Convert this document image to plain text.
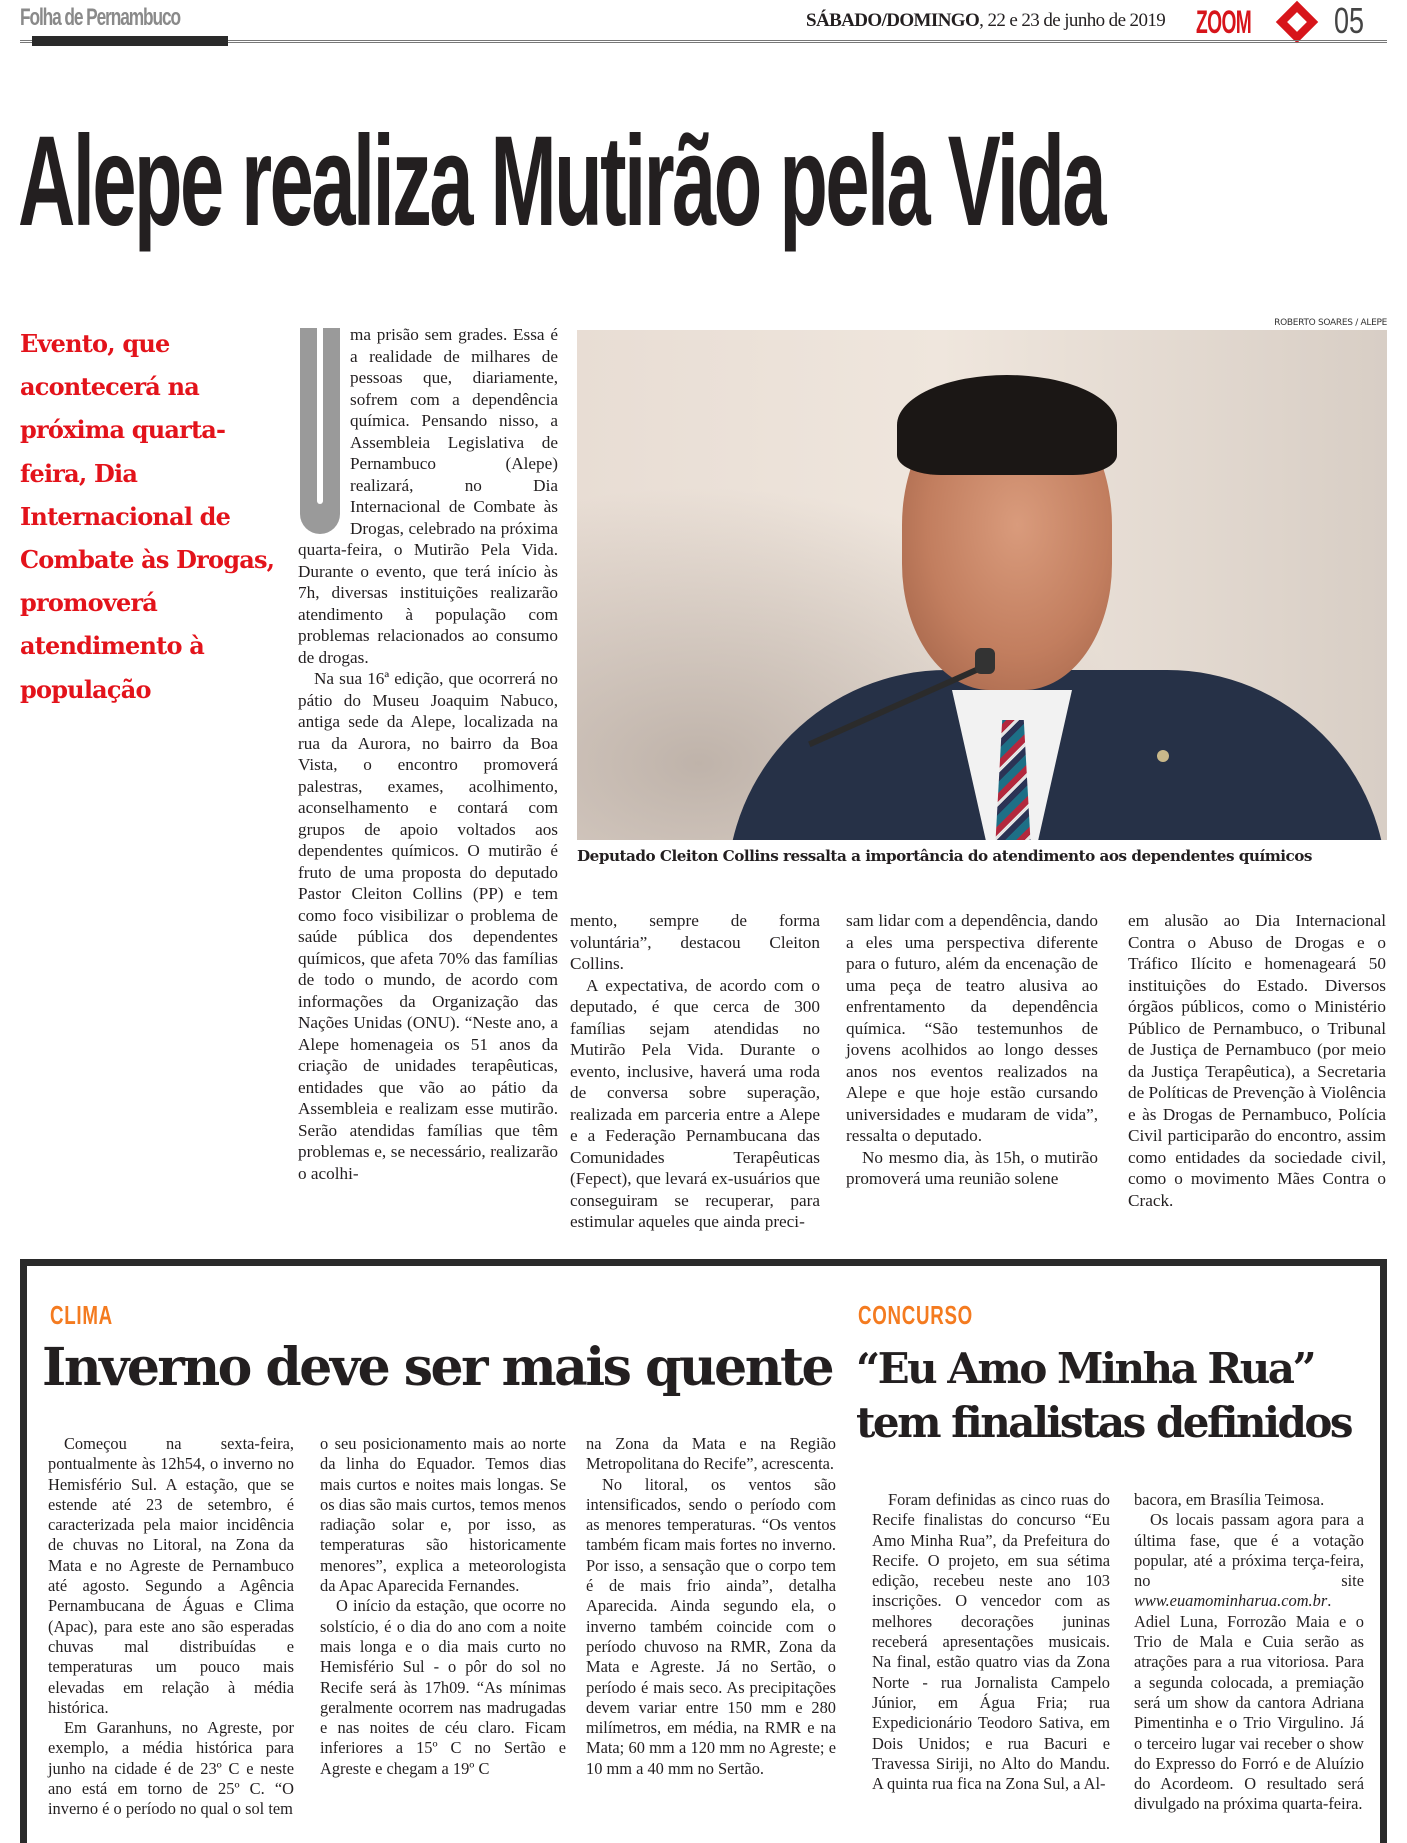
Folha de Pernambuco	SÁBADO/DOMINGO, 22 e 23 de junho de 2019 ZOOM 05
Alepe realiza Mutirão pela Vida
Evento, que acontecerá na próxima quarta-feira, Dia Internacional de Combate às Drogas, promoverá atendimento à população

ma prisão sem grades. Essa é a realidade de milhares de pessoas que, diariamente, sofrem com a dependência química. Pensando nisso, a Assembleia Legislativa de Pernambuco (Alepe) realizará, no Dia Internacional de Combate às Drogas, celebrado na próxima quarta-feira, o Mutirão Pela Vida. Durante o evento, que terá início às 7h, diversas instituições realizarão atendimento à população com problemas relacionados ao consumo de drogas.

Na sua 16ª edição, que ocorrerá no pátio do Museu Joaquim Nabuco, antiga sede da Alepe, localizada na rua da Aurora, no bairro da Boa Vista, o encontro promoverá palestras, exames, acolhimento, aconselhamento e contará com grupos de apoio voltados aos dependentes químicos. O mutirão é fruto de uma proposta do deputado Pastor Cleiton Collins (PP) e tem como foco visibilizar o problema de saúde pública dos dependentes químicos, que afeta 70% das famílias de todo o mundo, de acordo com informações da Organização das Nações Unidas (ONU). “Neste ano, a Alepe homenageia os 51 anos da criação de unidades terapêuticas, entidades que vão ao pátio da Assembleia e realizam esse mutirão. Serão atendidas famílias que têm problemas e, se necessário, realizarão o acolhi-

ROBERTO SOARES / ALEPE
Deputado Cleiton Collins ressalta a importância do atendimento aos dependentes químicos

mento, sempre de forma voluntária”, destacou Cleiton Collins.

A expectativa, de acordo com o deputado, é que cerca de 300 famílias sejam atendidas no Mutirão Pela Vida. Durante o evento, inclusive, haverá uma roda de conversa sobre superação, realizada em parceria entre a Alepe e a Federação Pernambucana das Comunidades Terapêuticas (Fepect), que levará ex-usuários que conseguiram se recuperar, para estimular aqueles que ainda preci-

sam lidar com a dependência, dando a eles uma perspectiva diferente para o futuro, além da encenação de uma peça de teatro alusiva ao enfrentamento da dependência química. “São testemunhos de jovens acolhidos ao longo desses anos nos eventos realizados na Alepe e que hoje estão cursando universidades e mudaram de vida”, ressalta o deputado.

No mesmo dia, às 15h, o mutirão promoverá uma reunião solene

em alusão ao Dia Internacional Contra o Abuso de Drogas e o Tráfico Ilícito e homenageará 50 instituições do Estado. Diversos órgãos públicos, como o Ministério Público de Pernambuco, o Tribunal de Justiça de Pernambuco (por meio da Justiça Terapêutica), a Secretaria de Políticas de Prevenção à Violência e às Drogas de Pernambuco, Polícia Civil participarão do encontro, assim como entidades da sociedade civil, como o movimento Mães Contra o Crack.

CLIMA
Inverno deve ser mais quente

Começou na sexta-feira, pontualmente às 12h54, o inverno no Hemisfério Sul. A estação, que se estende até 23 de setembro, é caracterizada pela maior incidência de chuvas no Litoral, na Zona da Mata e no Agreste de Pernambuco até agosto. Segundo a Agência Pernambucana de Águas e Clima (Apac), para este ano são esperadas chuvas mal distribuídas e temperaturas um pouco mais elevadas em relação à média histórica.

Em Garanhuns, no Agreste, por exemplo, a média histórica para junho na cidade é de 23º C e neste ano está em torno de 25º C. “O inverno é o período no qual o sol tem

o seu posicionamento mais ao norte da linha do Equador. Temos dias mais curtos e noites mais longas. Se os dias são mais curtos, temos menos radiação solar e, por isso, as temperaturas são historicamente menores”, explica a meteorologista da Apac Aparecida Fernandes.

O início da estação, que ocorre no solstício, é o dia do ano com a noite mais longa e o dia mais curto no Hemisfério Sul - o pôr do sol no Recife será às 17h09. “As mínimas geralmente ocorrem nas madrugadas e nas noites de céu claro. Ficam inferiores a 15º C no Sertão e Agreste e chegam a 19º C

na Zona da Mata e na Região Metropolitana do Recife”, acrescenta.

No litoral, os ventos são intensificados, sendo o período com as menores temperaturas. “Os ventos também ficam mais fortes no inverno. Por isso, a sensação que o corpo tem é de mais frio ainda”, detalha Aparecida. Ainda segundo ela, o inverno também coincide com o período chuvoso na RMR, Zona da Mata e Agreste. Já no Sertão, o período é mais seco. As precipitações devem variar entre 150 mm e 280 milímetros, em média, na RMR e na Mata; 60 mm a 120 mm no Agreste; e 10 mm a 40 mm no Sertão.

CONCURSO
“Eu Amo Minha Rua” tem finalistas definidos

Foram definidas as cinco ruas do Recife finalistas do concurso “Eu Amo Minha Rua”, da Prefeitura do Recife. O projeto, em sua sétima edição, recebeu neste ano 103 inscrições. O vencedor com as melhores decorações juninas receberá apresentações musicais. Na final, estão quatro vias da Zona Norte - rua Jornalista Campelo Júnior, em Água Fria; rua Expedicionário Teodoro Sativa, em Dois Unidos; e rua Bacuri e Travessa Siriji, no Alto do Mandu. A quinta rua fica na Zona Sul, a Al-

bacora, em Brasília Teimosa.

Os locais passam agora para a última fase, que é a votação popular, até a próxima terça-feira, no site www.euamominharua.com.br. Adiel Luna, Forrozão Maia e o Trio de Mala e Cuia serão as atrações para a rua vitoriosa. Para a segunda colocada, a premiação será um show da cantora Adriana Pimentinha e o Trio Virgulino. Já o terceiro lugar vai receber o show do Expresso do Forró e de Aluízio do Acordeom. O resultado será divulgado na próxima quarta-feira.
